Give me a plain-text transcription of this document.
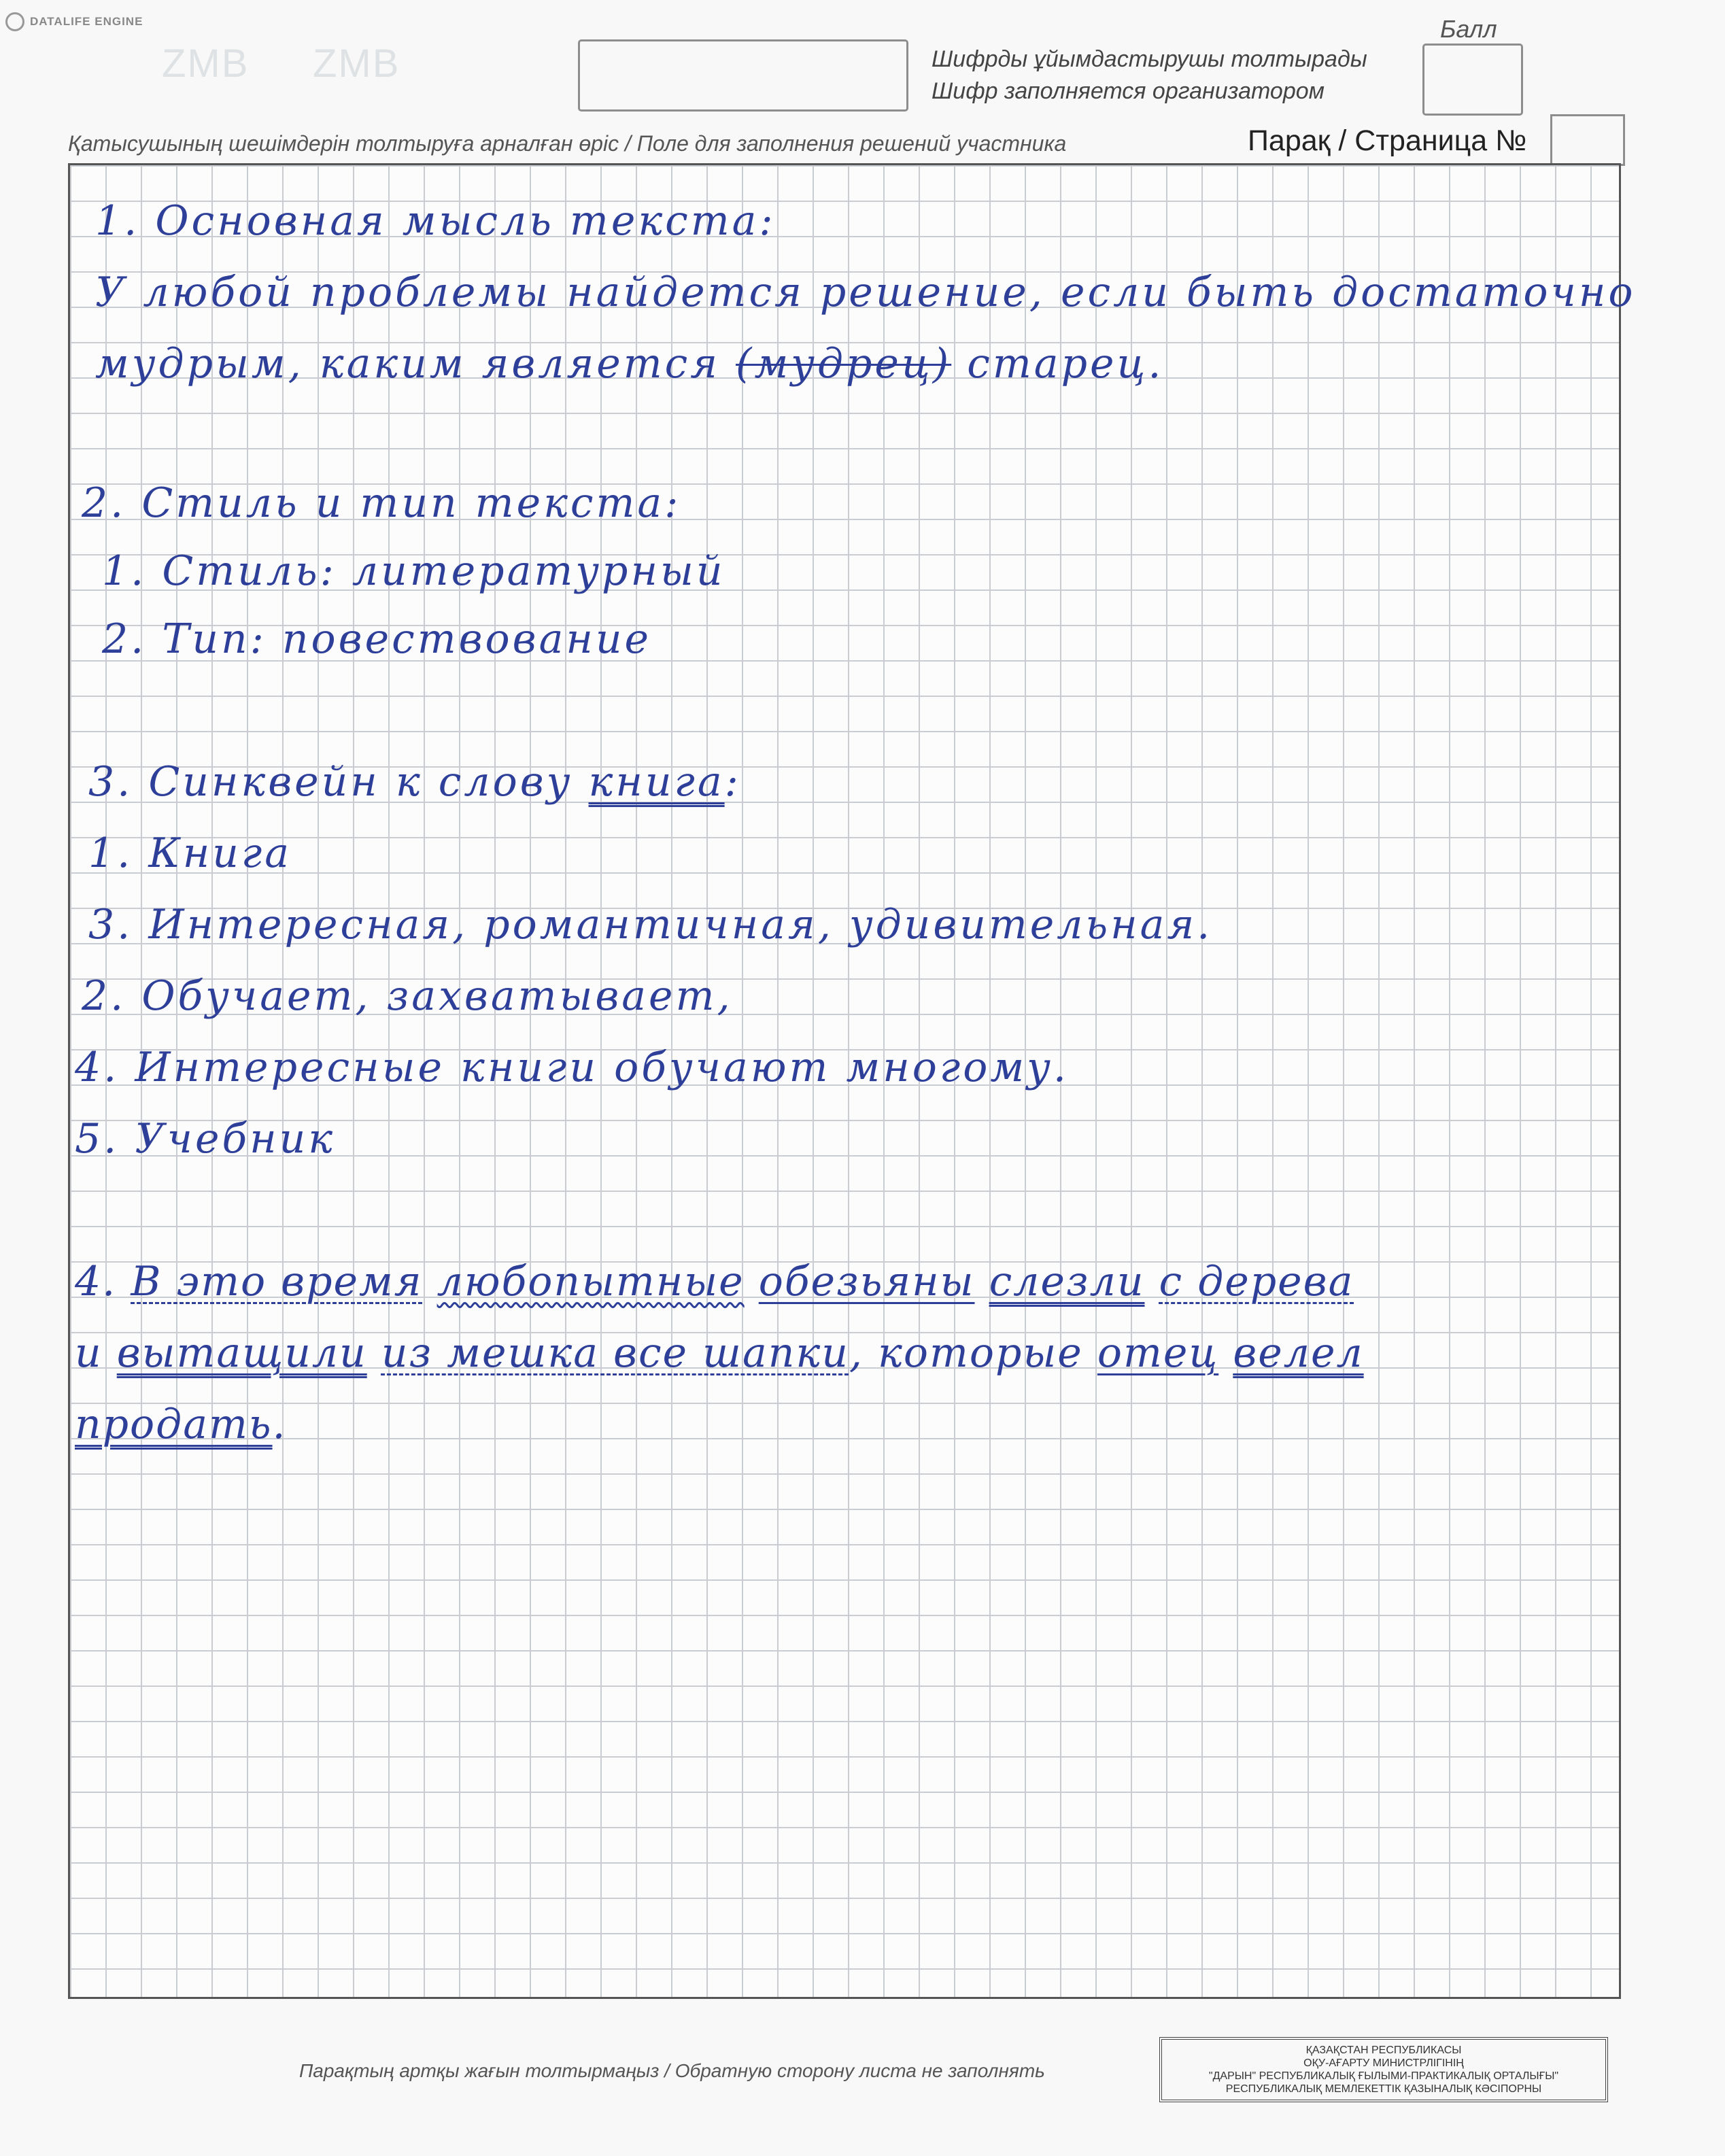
DATALIFE ENGINE
ZMB ZMB	Шифрды ұйымдастырушы толтырады
Шифр заполняется организатором
Балл
Қатысушының шешімдерін толтыруға арналған өріс / Поле для заполнения решений участника	Парақ / Страница №
1. Основная мысль текста:
У любой проблемы найдется решение, если быть достаточно
мудрым, каким является (мудрец) старец.
2. Стиль и тип текста:
1. Стиль: литературный
2. Тип: повествование
3. Синквейн к слову книга:
1. Книга
3. Интересная, романтичная, удивительная.
2. Обучает, захватывает,
4. Интересные книги обучают многому.
5. Учебник
4. В это время любопытные обезьяны слезли с дерева
и вытащили из мешка все шапки, которые отец велел
продать.
Парақтың артқы жағын толтырмаңыз / Обратную сторону листа не заполнять
ҚАЗАҚСТАН РЕСПУБЛИКАСЫ
ОҚУ-АҒАРТУ МИНИСТРЛІГІНІҢ
"ДАРЫН" РЕСПУБЛИКАЛЫҚ ҒЫЛЫМИ-ПРАКТИКАЛЫҚ ОРТАЛЫҒЫ"
РЕСПУБЛИКАЛЫҚ МЕМЛЕКЕТТІК ҚАЗЫНАЛЫҚ КӘСІПОРНЫ
